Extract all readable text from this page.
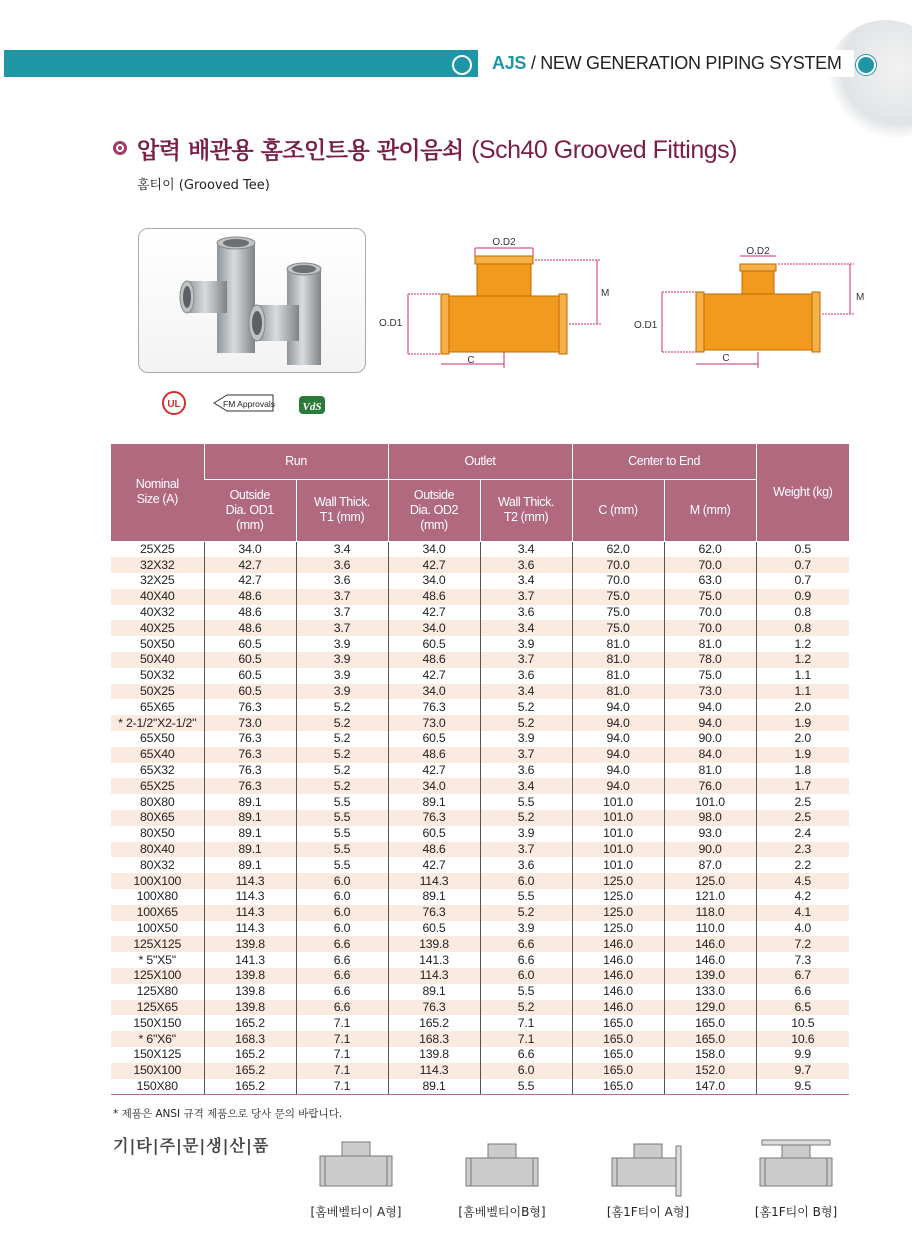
AJS / NEW GENERATION PIPING SYSTEM
압력 배관용 홈조인트용 관이음쇠 (Sch40 Grooved Fittings)
홈티이 (Grooved Tee)
UL	FM Approvals	VdS
O.D2
M
O.D1
C
O.D2
M
O.D1
C
Nominal Size (A)	Run		Outlet		Center to End		Weight (kg)
	Outside Dia. OD1 (mm)	Wall Thick. T1 (mm)	Outside Dia. OD2 (mm)	Wall Thick. T2 (mm)	C (mm)	M (mm)	
25X25	34.0	3.4	34.0	3.4	62.0	62.0	0.5
32X32	42.7	3.6	42.7	3.6	70.0	70.0	0.7
32X25	42.7	3.6	34.0	3.4	70.0	63.0	0.7
40X40	48.6	3.7	48.6	3.7	75.0	75.0	0.9
40X32	48.6	3.7	42.7	3.6	75.0	70.0	0.8
40X25	48.6	3.7	34.0	3.4	75.0	70.0	0.8
50X50	60.5	3.9	60.5	3.9	81.0	81.0	1.2
50X40	60.5	3.9	48.6	3.7	81.0	78.0	1.2
50X32	60.5	3.9	42.7	3.6	81.0	75.0	1.1
50X25	60.5	3.9	34.0	3.4	81.0	73.0	1.1
65X65	76.3	5.2	76.3	5.2	94.0	94.0	2.0
* 2-1/2"X2-1/2"	73.0	5.2	73.0	5.2	94.0	94.0	1.9
65X50	76.3	5.2	60.5	3.9	94.0	90.0	2.0
65X40	76.3	5.2	48.6	3.7	94.0	84.0	1.9
65X32	76.3	5.2	42.7	3.6	94.0	81.0	1.8
65X25	76.3	5.2	34.0	3.4	94.0	76.0	1.7
80X80	89.1	5.5	89.1	5.5	101.0	101.0	2.5
80X65	89.1	5.5	76.3	5.2	101.0	98.0	2.5
80X50	89.1	5.5	60.5	3.9	101.0	93.0	2.4
80X40	89.1	5.5	48.6	3.7	101.0	90.0	2.3
80X32	89.1	5.5	42.7	3.6	101.0	87.0	2.2
100X100	114.3	6.0	114.3	6.0	125.0	125.0	4.5
100X80	114.3	6.0	89.1	5.5	125.0	121.0	4.2
100X65	114.3	6.0	76.3	5.2	125.0	118.0	4.1
100X50	114.3	6.0	60.5	3.9	125.0	110.0	4.0
125X125	139.8	6.6	139.8	6.6	146.0	146.0	7.2
* 5"X5"	141.3	6.6	141.3	6.6	146.0	146.0	7.3
125X100	139.8	6.6	114.3	6.0	146.0	139.0	6.7
125X80	139.8	6.6	89.1	5.5	146.0	133.0	6.6
125X65	139.8	6.6	76.3	5.2	146.0	129.0	6.5
150X150	165.2	7.1	165.2	7.1	165.0	165.0	10.5
* 6"X6"	168.3	7.1	168.3	7.1	165.0	165.0	10.6
150X125	165.2	7.1	139.8	6.6	165.0	158.0	9.9
150X100	165.2	7.1	114.3	6.0	165.0	152.0	9.7
150X80	165.2	7.1	89.1	5.5	165.0	147.0	9.5
* 제품은 ANSI 규격 제품으로 당사 문의 바랍니다.
기|타|주|문|생|산|품
[홈베벨티이 A형]	[홈베벨티이B형]	[홈1F티이 A형]	[홈1F티이 B형]
